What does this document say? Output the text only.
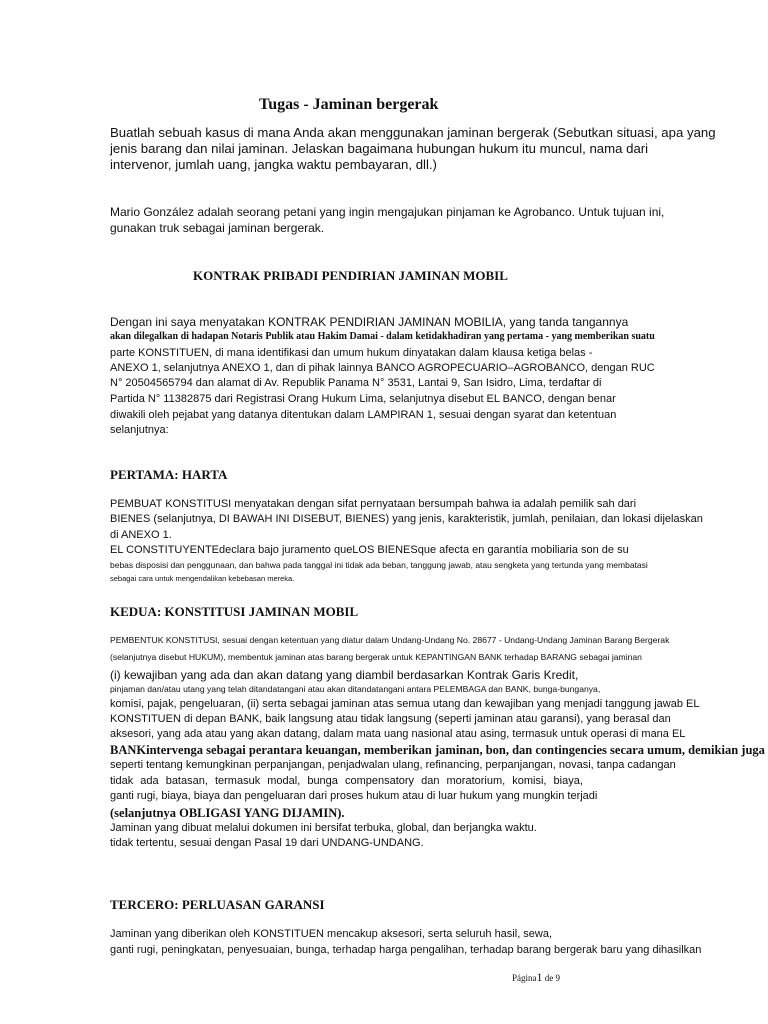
Tugas - Jaminan bergerak
Buatlah sebuah kasus di mana Anda akan menggunakan jaminan bergerak (Sebutkan situasi, apa yang
jenis barang dan nilai jaminan. Jelaskan bagaimana hubungan hukum itu muncul, nama dari
intervenor, jumlah uang, jangka waktu pembayaran, dll.)
Mario González adalah seorang petani yang ingin mengajukan pinjaman ke Agrobanco. Untuk tujuan ini,
gunakan truk sebagai jaminan bergerak.
KONTRAK PRIBADI PENDIRIAN JAMINAN MOBIL
Dengan ini saya menyatakan KONTRAK PENDIRIAN JAMINAN MOBILIA, yang tanda tangannya
akan dilegalkan di hadapan Notaris Publik atau Hakim Damai - dalam ketidakhadiran yang pertama - yang memberikan suatu
parte KONSTITUEN, di mana identifikasi dan umum hukum dinyatakan dalam klausa ketiga belas -
ANEXO 1, selanjutnya ANEXO 1, dan di pihak lainnya BANCO AGROPECUARIO–AGROBANCO, dengan RUC
N° 20504565794 dan alamat di Av. Republik Panama N° 3531, Lantai 9, San Isidro, Lima, terdaftar di
Partida N° 11382875 dari Registrasi Orang Hukum Lima, selanjutnya disebut EL BANCO, dengan benar
diwakili oleh pejabat yang datanya ditentukan dalam LAMPIRAN 1, sesuai dengan syarat dan ketentuan
selanjutnya:
PERTAMA: HARTA
PEMBUAT KONSTITUSI menyatakan dengan sifat pernyataan bersumpah bahwa ia adalah pemilik sah dari
BIENES (selanjutnya, DI BAWAH INI DISEBUT, BIENES) yang jenis, karakteristik, jumlah, penilaian, dan lokasi dijelaskan
di ANEXO 1.
EL CONSTITUYENTEdeclara bajo juramento queLOS BIENESque afecta en garantía mobiliaria son de su
bebas disposisi dan penggunaan, dan bahwa pada tanggal ini tidak ada beban, tanggung jawab, atau sengketa yang tertunda yang membatasi
sebagai cara untuk mengendalikan kebebasan mereka.
KEDUA: KONSTITUSI JAMINAN MOBIL
PEMBENTUK KONSTITUSI, sesuai dengan ketentuan yang diatur dalam Undang-Undang No. 28677 - Undang-Undang Jaminan Barang Bergerak
(selanjutnya disebut HUKUM), membentuk jaminan atas barang bergerak untuk KEPANTINGAN BANK terhadap BARANG sebagai jaminan
(i) kewajiban yang ada dan akan datang yang diambil berdasarkan Kontrak Garis Kredit,
pinjaman dan/atau utang yang telah ditandatangani atau akan ditandatangani antara PELEMBAGA dan BANK, bunga-bunganya,
komisi, pajak, pengeluaran, (ii) serta sebagai jaminan atas semua utang dan kewajiban yang menjadi tanggung jawab EL
KONSTITUEN di depan BANK, baik langsung atau tidak langsung (seperti jaminan atau garansi), yang berasal dan
aksesori, yang ada atau yang akan datang, dalam mata uang nasional atau asing, termasuk untuk operasi di mana EL
BANKintervenga sebagai perantara keuangan, memberikan jaminan, bon, dan contingencies secara umum, demikian juga
seperti tentang kemungkinan perpanjangan, penjadwalan ulang, refinancing, perpanjangan, novasi, tanpa cadangan
tidak ada batasan, termasuk modal, bunga compensatory dan moratorium, komisi, biaya,
ganti rugi, biaya, biaya dan pengeluaran dari proses hukum atau di luar hukum yang mungkin terjadi
(selanjutnya OBLIGASI YANG DIJAMIN).
Jaminan yang dibuat melalui dokumen ini bersifat terbuka, global, dan berjangka waktu.
tidak tertentu, sesuai dengan Pasal 19 dari UNDANG-UNDANG.
TERCERO: PERLUASAN GARANSI
Jaminan yang diberikan oleh KONSTITUEN mencakup aksesori, serta seluruh hasil, sewa,
ganti rugi, peningkatan, penyesuaian, bunga, terhadap harga pengalihan, terhadap barang bergerak baru yang dihasilkan
Página1 de 9
